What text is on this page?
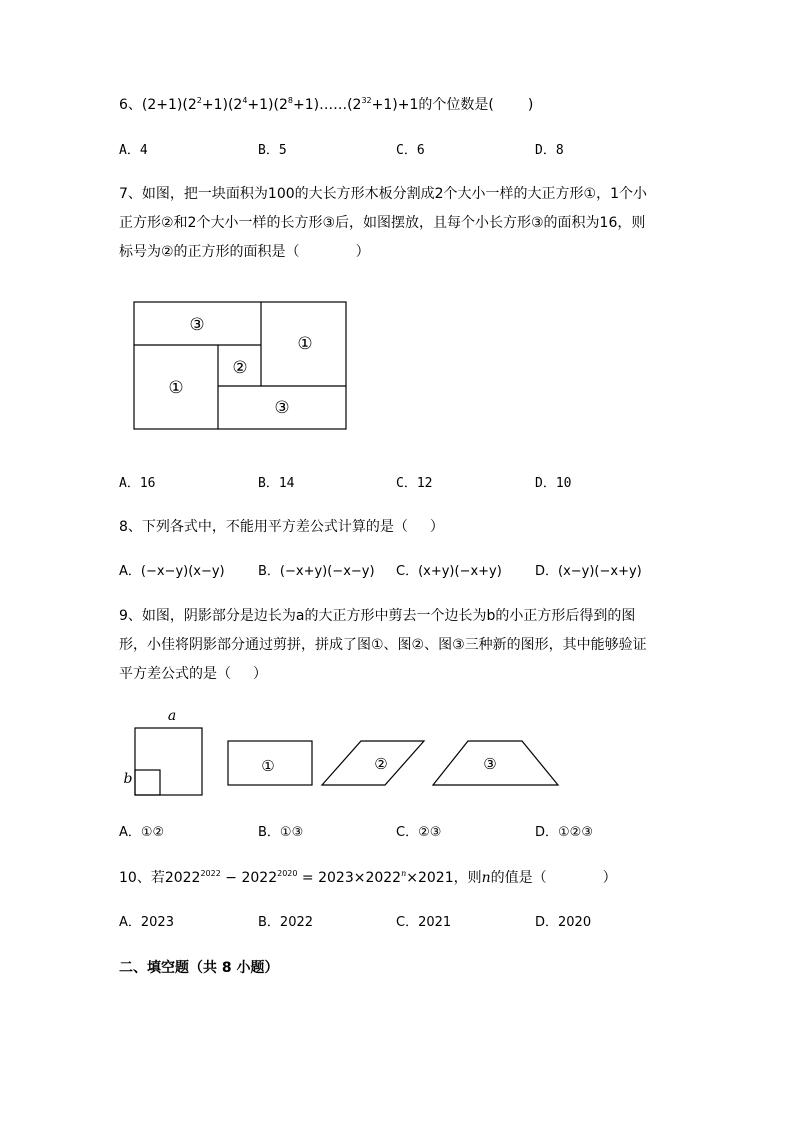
6、$(2+1)(2^2+1)(2^4+1)(2^8+1)\dots\dots(2^{32}+1)+1$的个位数是( )
A．4	B．5	C．6	D．8
7、如图，把一块面积为100的大长方形木板分割成2个大小一样的大正方形①，1个小
正方形②和2个大小一样的长方形③后，如图摆放，且每个小长方形③的面积为16，则
标号为②的正方形的面积是（	）
③
①
①
②
③
A．16	B．14	C．12	D．10
8、下列各式中，不能用平方差公式计算的是（ ）
A．(−x−y)(x−y)	B．(−x+y)(−x−y) C．(x+y)(−x+y)	D．(x−y)(−x+y)
9、如图，阴影部分是边长为a的大正方形中剪去一个边长为b的小正方形后得到的图
形，小佳将阴影部分通过剪拼，拼成了图①、图②、图③三种新的图形，其中能够验证
平方差公式的是（ ）
a
b
①	②	③
A．①②	B．①③	C．②③	D．①②③
10、若$2022^{2022} - 2022^{2020} = 2023\times 2022^n\times 2021$，则n的值是（	）
A．2023	B．2022	C．2021	D．2020
二、填空题（共 8 小题）
